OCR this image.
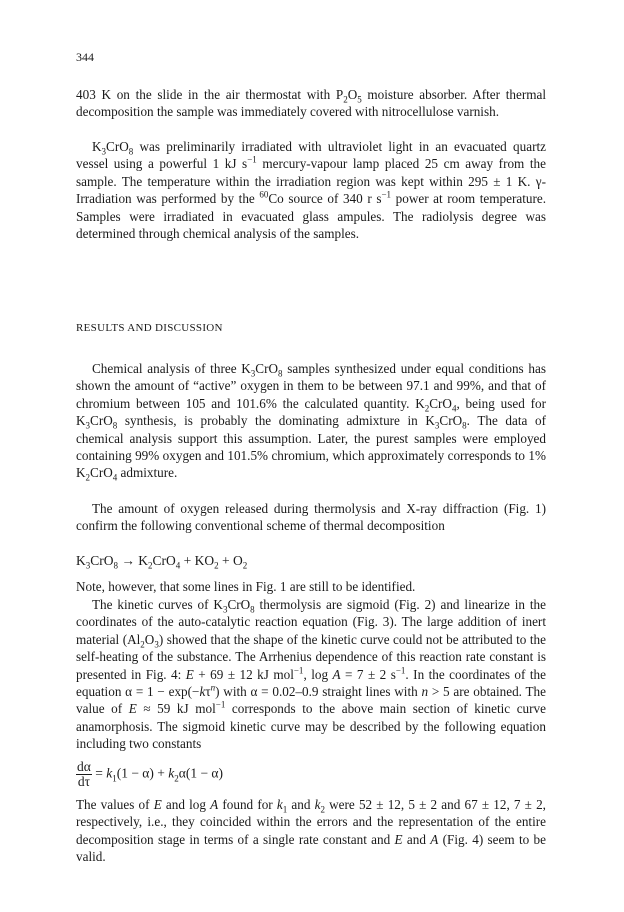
344

403 K on the slide in the air thermostat with $P_2O_5$ moisture absorber. After thermal decomposition the sample was immediately covered with nitrocellulose varnish.

$K_3CrO_8$ was preliminarily irradiated with ultraviolet light in an evacuated quartz vessel using a powerful 1 kJ $s^{-1}$ mercury-vapour lamp placed 25 cm away from the sample. The temperature within the irradiation region was kept within 295 ± 1 K. γ-Irradiation was performed by the $^{60}$Co source of 340 r $s^{-1}$ power at room temperature. Samples were irradiated in evacuated glass ampules. The radiolysis degree was determined through chemical analysis of the samples.

RESULTS AND DISCUSSION

Chemical analysis of three $K_3CrO_8$ samples synthesized under equal conditions has shown the amount of “active” oxygen in them to be between 97.1 and 99%, and that of chromium between 105 and 101.6% the calculated quantity. $K_2CrO_4$, being used for $K_3CrO_8$ synthesis, is probably the dominating admixture in $K_3CrO_8$. The data of chemical analysis support this assumption. Later, the purest samples were employed containing 99% oxygen and 101.5% chromium, which approximately corresponds to 1% $K_2CrO_4$ admixture.

The amount of oxygen released during thermolysis and X-ray diffraction (Fig. 1) confirm the following conventional scheme of thermal decomposition

$K_3CrO_8 \to K_2CrO_4 + KO_2 + O_2$

Note, however, that some lines in Fig. 1 are still to be identified.

The kinetic curves of $K_3CrO_8$ thermolysis are sigmoid (Fig. 2) and linearize in the coordinates of the auto-catalytic reaction equation (Fig. 3). The large addition of inert material $(Al_2O_3)$ showed that the shape of the kinetic curve could not be attributed to the self-heating of the substance. The Arrhenius dependence of this reaction rate constant is presented in Fig. 4: E + 69 ± 12 kJ mol$^{-1}$, log A = 7 ± 2 $s^{-1}$. In the coordinates of the equation $\alpha = 1 - \exp(-k\tau^n)$ with α = 0.02–0.9 straight lines with n > 5 are obtained. The value of E ≈ 59 kJ mol$^{-1}$ corresponds to the above main section of kinetic curve anamorphosis. The sigmoid kinetic curve may be described by the following equation including two constants

$\frac{d\alpha}{d\tau} = k_1(1 - \alpha) + k_2\alpha(1 - \alpha)$

The values of E and log A found for $k_1$ and $k_2$ were 52 ± 12, 5 ± 2 and 67 ± 12, 7 ± 2, respectively, i.e., they coincided within the errors and the representation of the entire decomposition stage in terms of a single rate constant and E and A (Fig. 4) seem to be valid.
